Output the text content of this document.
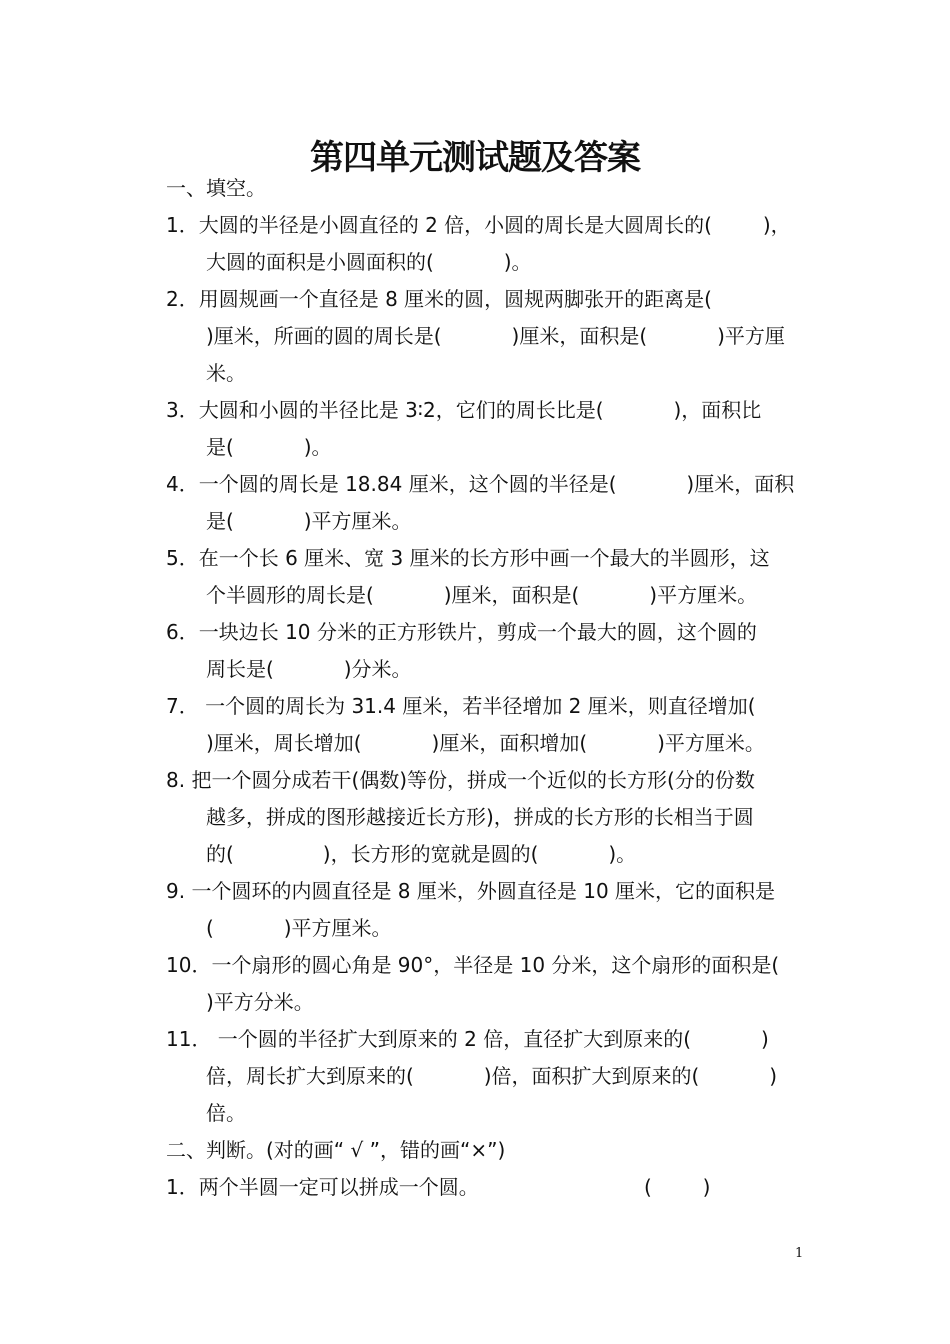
第四单元测试题及答案
一、填空。
1．大圆的半径是小圆直径的 2 倍，小圆的周长是大圆周长的(        )，
大圆的面积是小圆面积的(           )。
2．用圆规画一个直径是 8 厘米的圆，圆规两脚张开的距离是(
)厘米，所画的圆的周长是(           )厘米，面积是(           )平方厘
米。
3．大圆和小圆的半径比是 3∶2，它们的周长比是(           )，面积比
是(           )。
4．一个圆的周长是 18.84 厘米，这个圆的半径是(           )厘米，面积
是(           )平方厘米。
5．在一个长 6 厘米、宽 3 厘米的长方形中画一个最大的半圆形，这
个半圆形的周长是(           )厘米，面积是(           )平方厘米。
6．一块边长 10 分米的正方形铁片，剪成一个最大的圆，这个圆的
周长是(           )分米。
7． 一个圆的周长为 31.4 厘米，若半径增加 2 厘米，则直径增加(
)厘米，周长增加(           )厘米，面积增加(           )平方厘米。
8. 把一个圆分成若干(偶数)等份，拼成一个近似的长方形(分的份数
越多，拼成的图形越接近长方形)，拼成的长方形的长相当于圆
的(              )，长方形的宽就是圆的(           )。
9. 一个圆环的内圆直径是 8 厘米，外圆直径是 10 厘米，它的面积是
(           )平方厘米。
10．一个扇形的圆心角是 90°，半径是 10 分米，这个扇形的面积是(
)平方分米。
11． 一个圆的半径扩大到原来的 2 倍，直径扩大到原来的(           )
倍，周长扩大到原来的(           )倍，面积扩大到原来的(           )
倍。
二、判断。(对的画“ √ ”，错的画“×”)
1．两个半圆一定可以拼成一个圆。                          (        )
1
